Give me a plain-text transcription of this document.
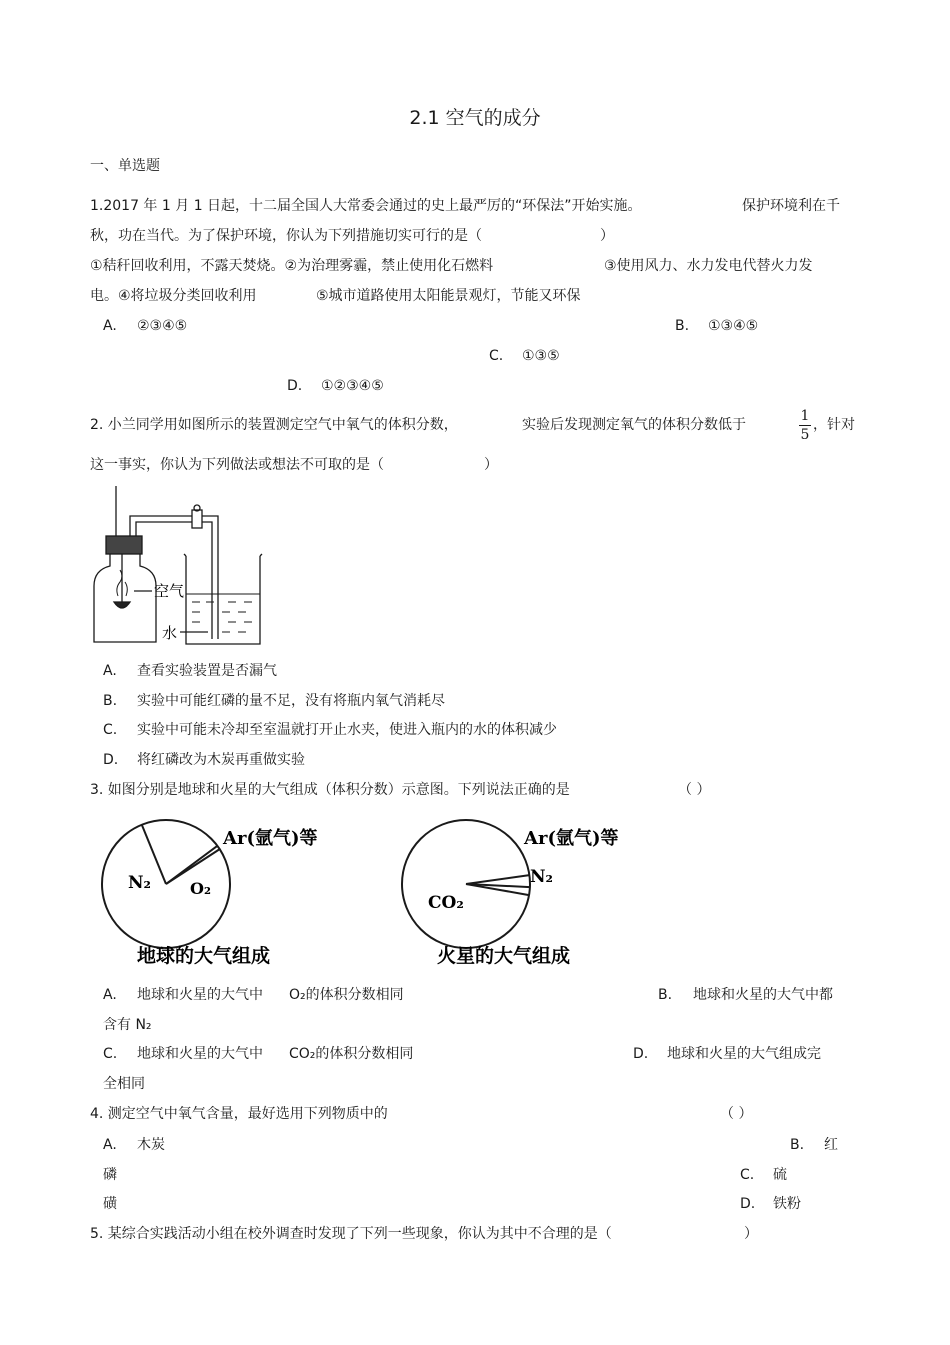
2.1 空气的成分
一、单选题
1.2017 年 1 月 1 日起，十二届全国人大常委会通过的史上最严厉的“环保法”开始实施。	保护环境利在千
秋，功在当代。为了保护环境，你认为下列措施切实可行的是（	）
①秸秆回收利用，不露天焚烧。②为治理雾霾，禁止使用化石燃料	③使用风力、水力发电代替火力发
电。④将垃圾分类回收利用	⑤城市道路使用太阳能景观灯，节能又环保
A. ②③④⑤	B. ①③④⑤
C. ①③⑤
D. ①②③④⑤
2. 小兰同学用如图所示的装置测定空气中氧气的体积分数，	实验后发现测定氧气的体积分数低于
1
5
，针对
这一事实，你认为下列做法或想法不可取的是（	）
空气
水
A. 查看实验装置是否漏气
B. 实验中可能红磷的量不足，没有将瓶内氧气消耗尽
C. 实验中可能未冷却至室温就打开止水夹，使进入瓶内的水的体积减少
D. 将红磷改为木炭再重做实验
3. 如图分别是地球和火星的大气组成（体积分数）示意图。下列说法正确的是	（ ）
N₂ O₂
Ar(氩气)等
地球的大气组成
CO₂
N₂
Ar(氩气)等
火星的大气组成
A. 地球和火星的大气中 O₂的体积分数相同	B. 地球和火星的大气中都
含有 N₂
C. 地球和火星的大气中 CO₂的体积分数相同	D. 地球和火星的大气组成完
全相同
4. 测定空气中氧气含量，最好选用下列物质中的	（ ）
A. 木炭	B. 红
磷	C. 硫
磺	D. 铁粉
5. 某综合实践活动小组在校外调查时发现了下列一些现象，你认为其中不合理的是（	）
